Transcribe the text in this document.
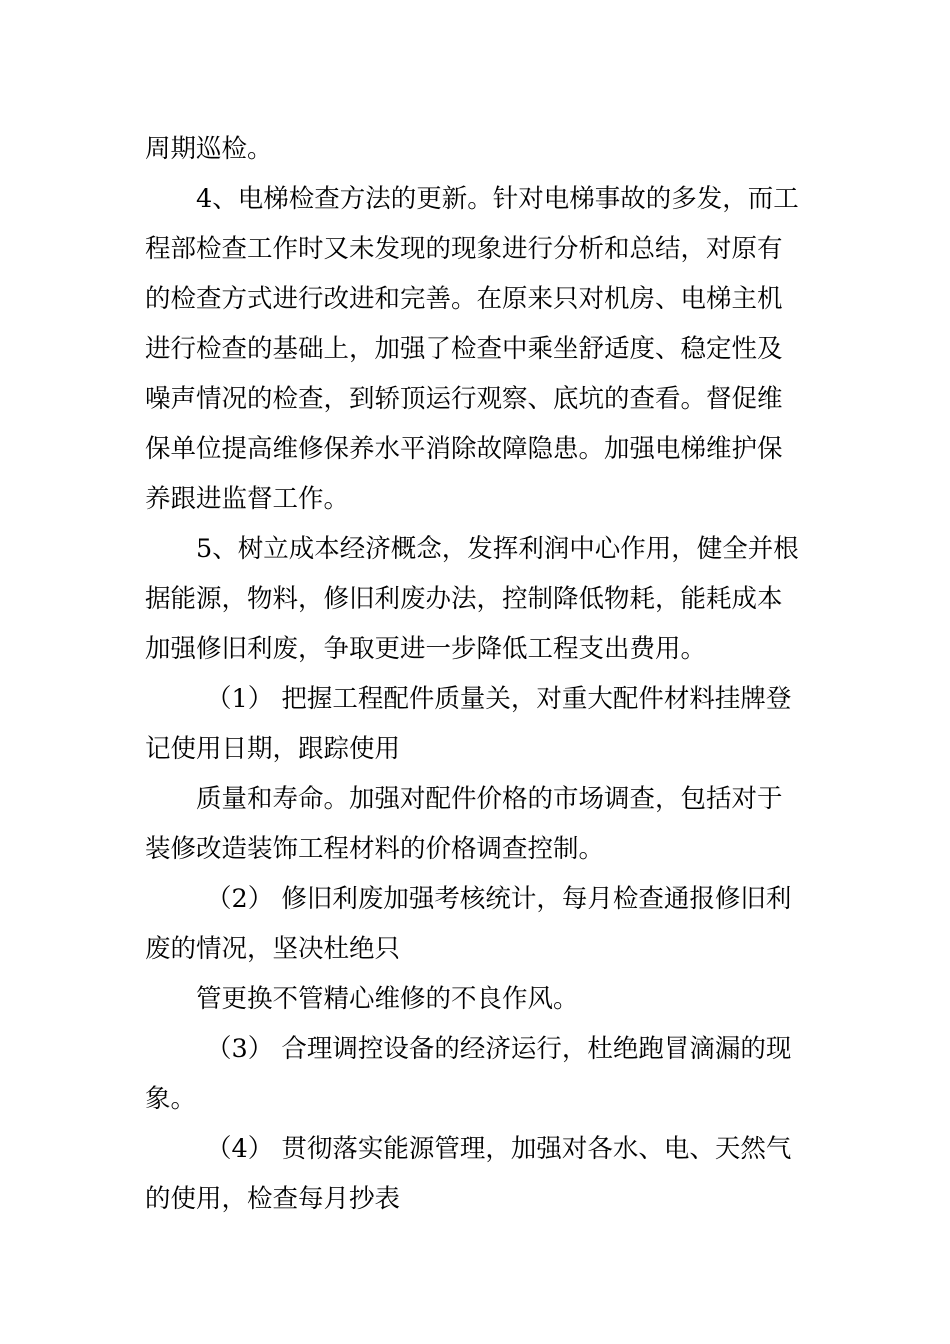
周期巡检。
4、电梯检查方法的更新。针对电梯事故的多发，而工
程部检查工作时又未发现的现象进行分析和总结，对原有
的检查方式进行改进和完善。在原来只对机房、电梯主机
进行检查的基础上，加强了检查中乘坐舒适度、稳定性及
噪声情况的检查，到轿顶运行观察、底坑的查看。督促维
保单位提高维修保养水平消除故障隐患。加强电梯维护保
养跟进监督工作。
5、树立成本经济概念，发挥利润中心作用，健全并根
据能源，物料，修旧利废办法，控制降低物耗，能耗成本
加强修旧利废，争取更进一步降低工程支出费用。
（1） 把握工程配件质量关，对重大配件材料挂牌登
记使用日期，跟踪使用
质量和寿命。加强对配件价格的市场调查，包括对于
装修改造装饰工程材料的价格调查控制。
（2） 修旧利废加强考核统计，每月检查通报修旧利
废的情况，坚决杜绝只
管更换不管精心维修的不良作风。
（3） 合理调控设备的经济运行，杜绝跑冒滴漏的现
象。
（4） 贯彻落实能源管理，加强对各水、电、天然气
的使用，检查每月抄表
